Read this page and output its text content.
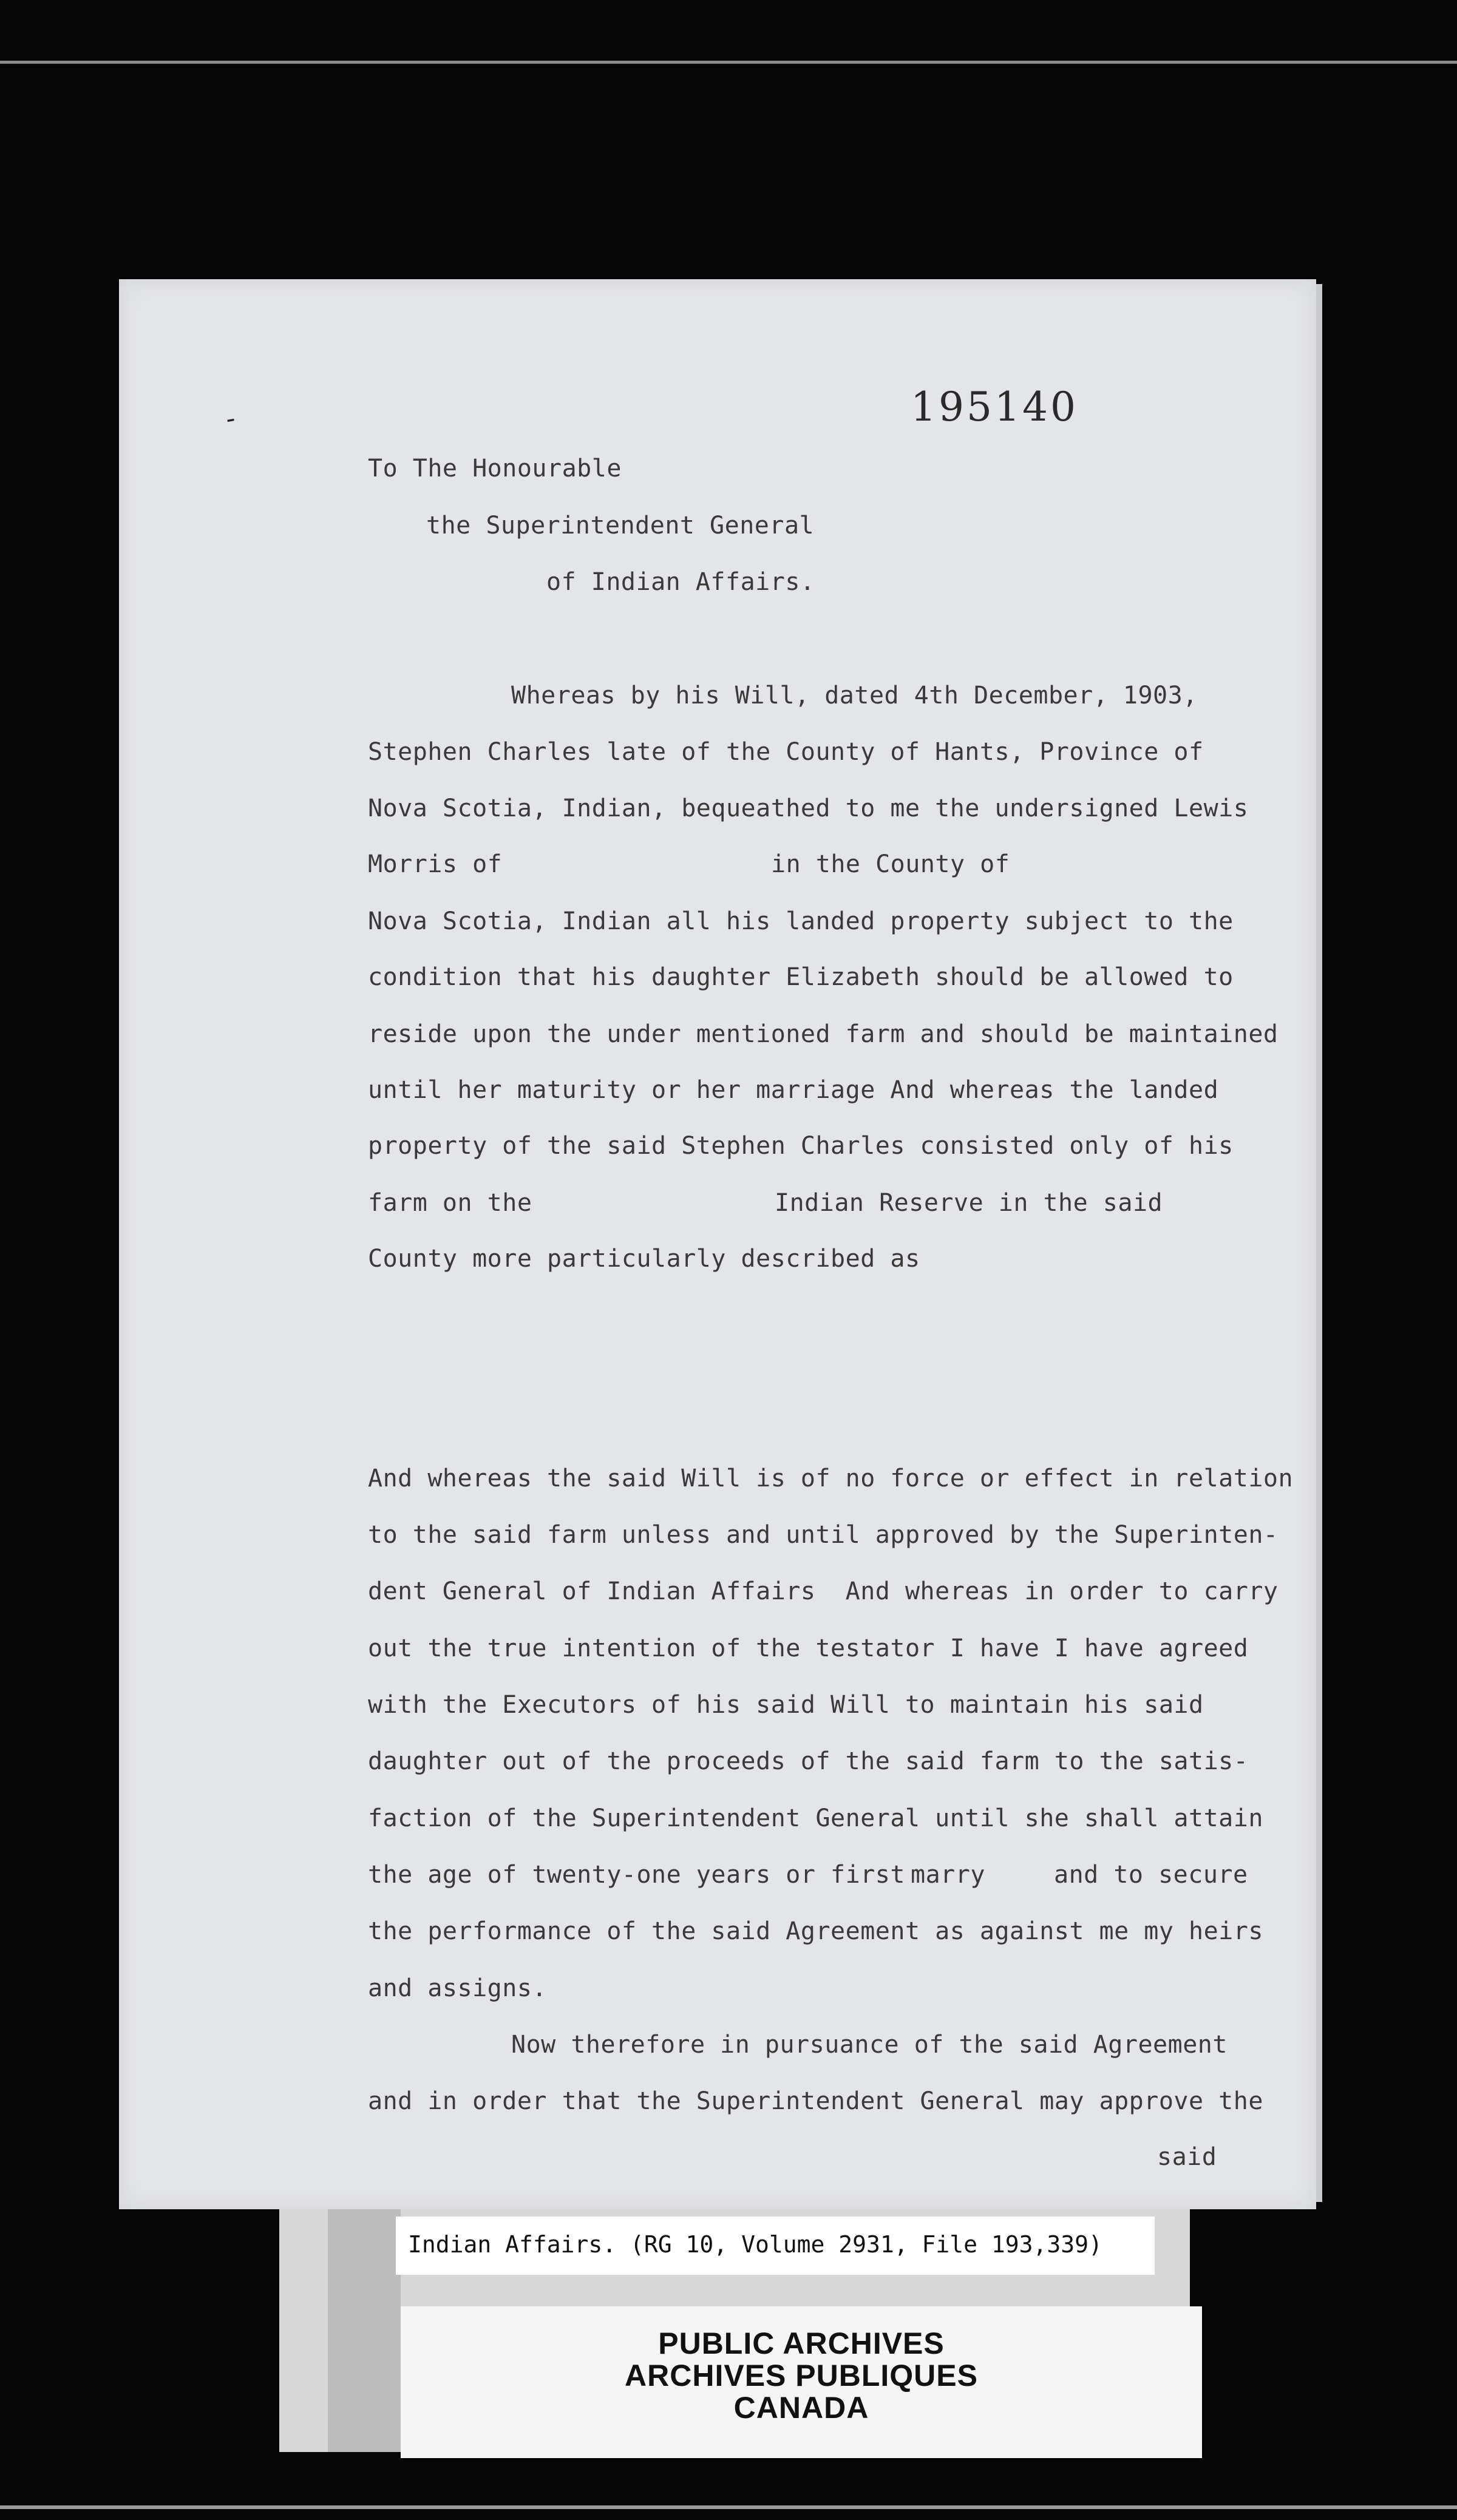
-	195140
To The Honourable
the Superintendent General
of Indian Affairs.
Whereas by his Will, dated 4th December, 1903,
Stephen Charles late of the County of Hants, Province of
Nova Scotia, Indian, bequeathed to me the undersigned Lewis
Morris of	in the County of
Nova Scotia, Indian all his landed property subject to the
condition that his daughter Elizabeth should be allowed to
reside upon the under mentioned farm and should be maintained
until her maturity or her marriage And whereas the landed
property of the said Stephen Charles consisted only of his
farm on the	Indian Reserve in the said
County more particularly described as
And whereas the said Will is of no force or effect in relation
to the said farm unless and until approved by the Superinten-
dent General of Indian Affairs  And whereas in order to carry
out the true intention of the testator I have I have agreed
with the Executors of his said Will to maintain his said
daughter out of the proceeds of the said farm to the satis-
faction of the Superintendent General until she shall attain
the age of twenty-one years or first marry	and to secure
the performance of the said Agreement as against me my heirs
and assigns.
Now therefore in pursuance of the said Agreement
and in order that the Superintendent General may approve the
said
Indian Affairs. (RG 10, Volume 2931, File 193,339)
PUBLIC ARCHIVES
ARCHIVES PUBLIQUES
CANADA
